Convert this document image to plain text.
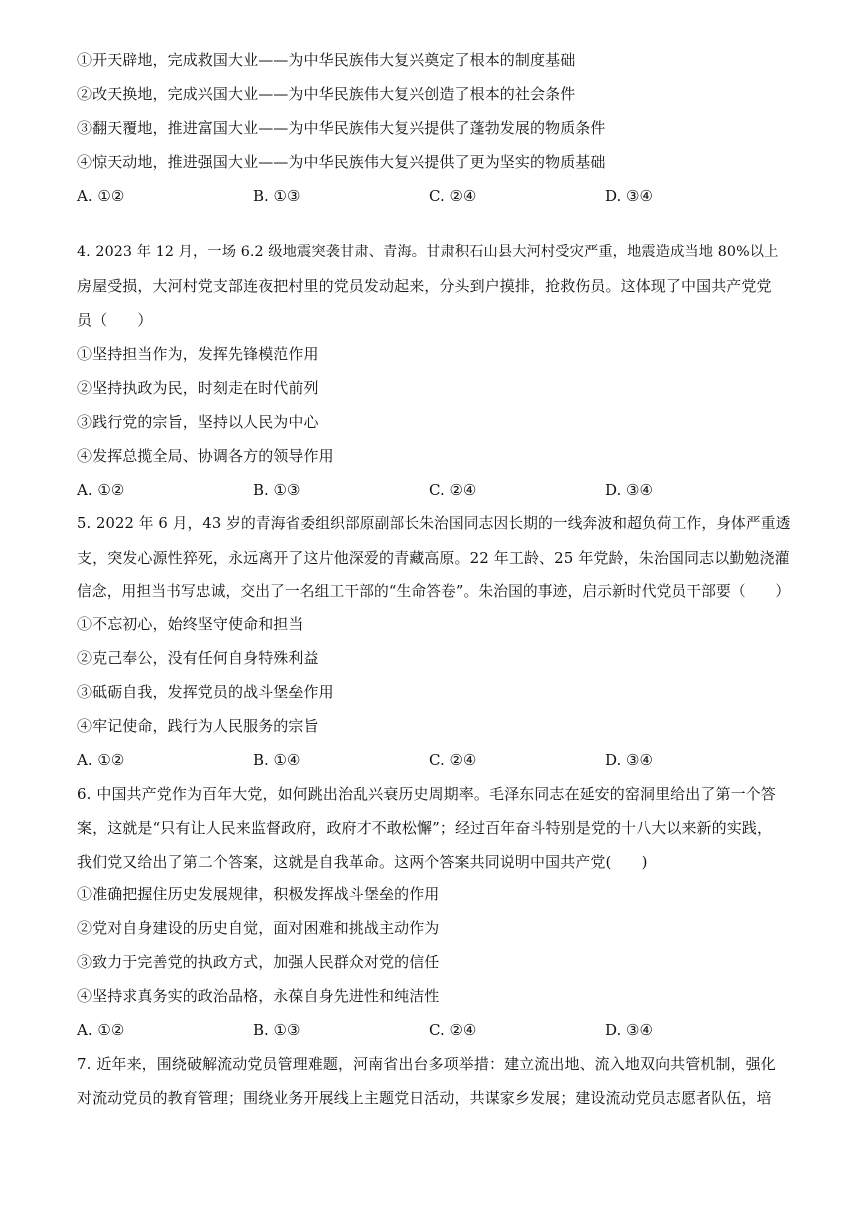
①开天辟地，完成救国大业——为中华民族伟大复兴奠定了根本的制度基础
②改天换地，完成兴国大业——为中华民族伟大复兴创造了根本的社会条件
③翻天覆地，推进富国大业——为中华民族伟大复兴提供了蓬勃发展的物质条件
④惊天动地，推进强国大业——为中华民族伟大复兴提供了更为坚实的物质基础
A. ①②	B. ①③	C. ②④	D. ③④
4. 2023 年 12 月，一场 6.2 级地震突袭甘肃、青海。甘肃积石山县大河村受灾严重，地震造成当地 80%以上
房屋受损，大河村党支部连夜把村里的党员发动起来，分头到户摸排，抢救伤员。这体现了中国共产党党
员（　　）
①坚持担当作为，发挥先锋模范作用
②坚持执政为民，时刻走在时代前列
③践行党的宗旨，坚持以人民为中心
④发挥总揽全局、协调各方的领导作用
A. ①②	B. ①③	C. ②④	D. ③④
5. 2022 年 6 月，43 岁的青海省委组织部原副部长朱治国同志因长期的一线奔波和超负荷工作，身体严重透
支，突发心源性猝死，永远离开了这片他深爱的青藏高原。22 年工龄、25 年党龄，朱治国同志以勤勉浇灌
信念，用担当书写忠诚，交出了一名组工干部的“生命答卷”。朱治国的事迹，启示新时代党员干部要（　　）
①不忘初心，始终坚守使命和担当
②克己奉公，没有任何自身特殊利益
③砥砺自我，发挥党员的战斗堡垒作用
④牢记使命，践行为人民服务的宗旨
A. ①②	B. ①④	C. ②④	D. ③④
6. 中国共产党作为百年大党，如何跳出治乱兴衰历史周期率。毛泽东同志在延安的窑洞里给出了第一个答
案，这就是“只有让人民来监督政府，政府才不敢松懈”；经过百年奋斗特别是党的十八大以来新的实践，
我们党又给出了第二个答案，这就是自我革命。这两个答案共同说明中国共产党(　　)
①准确把握住历史发展规律，积极发挥战斗堡垒的作用
②党对自身建设的历史自觉，面对困难和挑战主动作为
③致力于完善党的执政方式，加强人民群众对党的信任
④坚持求真务实的政治品格，永葆自身先进性和纯洁性
A. ①②	B. ①③	C. ②④	D. ③④
7. 近年来，围绕破解流动党员管理难题，河南省出台多项举措：建立流出地、流入地双向共管机制，强化
对流动党员的教育管理；围绕业务开展线上主题党日活动，共谋家乡发展；建设流动党员志愿者队伍，培
